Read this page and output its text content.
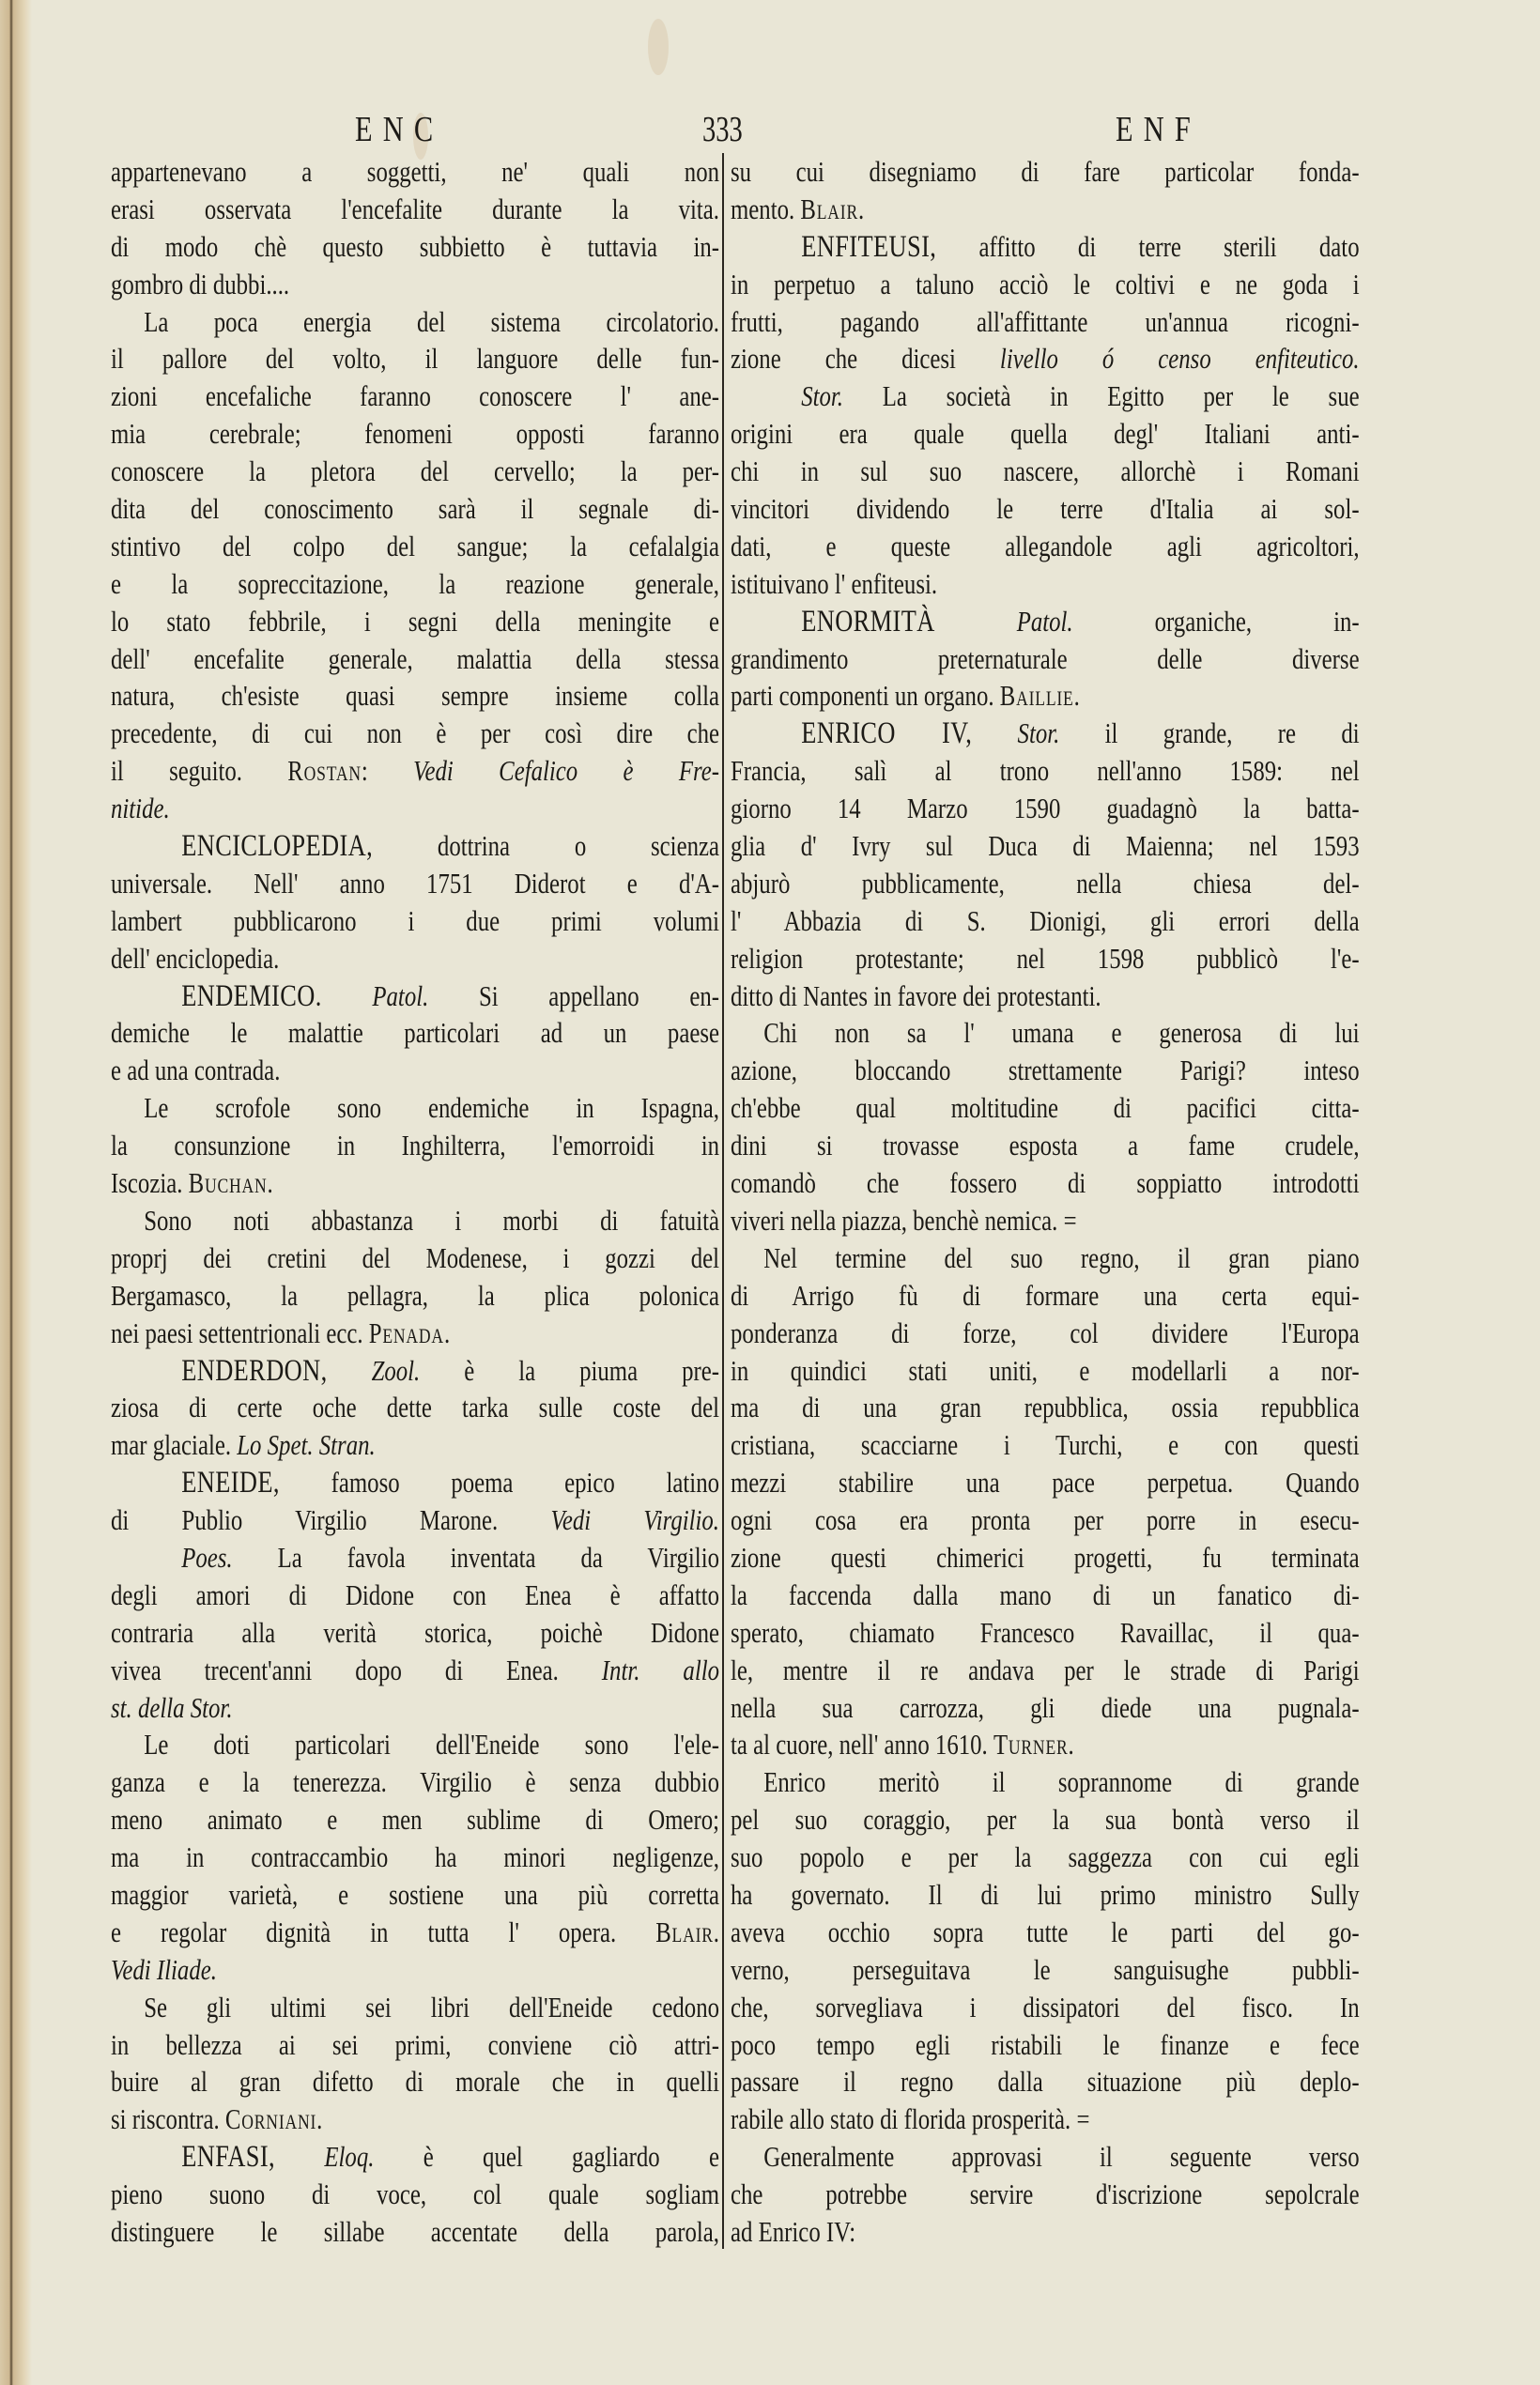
ENC	333	ENF
appartenevano a soggetti, ne' quali non
erasi osservata l'encefalite durante la vita.
di modo chè questo subbietto è tuttavia in-
gombro di dubbi....
La poca energia del sistema circolatorio.
il pallore del volto, il languore delle fun-
zioni encefaliche faranno conoscere l' ane-
mia cerebrale; fenomeni opposti faranno
conoscere la pletora del cervello; la per-
dita del conoscimento sarà il segnale di-
stintivo del colpo del sangue; la cefalalgia
e la sopreccitazione, la reazione generale,
lo stato febbrile, i segni della meningite e
dell' encefalite generale, malattia della stessa
natura, ch'esiste quasi sempre insieme colla
precedente, di cui non è per così dire che
il seguito. Rostan: Vedi Cefalico è Fre-
nitide.
ENCICLOPEDIA, dottrina o scienza
universale. Nell' anno 1751 Diderot e d'A-
lambert pubblicarono i due primi volumi
dell' enciclopedia.
ENDEMICO. Patol. Si appellano en-
demiche le malattie particolari ad un paese
e ad una contrada.
Le scrofole sono endemiche in Ispagna,
la consunzione in Inghilterra, l'emorroidi in
Iscozia. Buchan.
Sono noti abbastanza i morbi di fatuità
proprj dei cretini del Modenese, i gozzi del
Bergamasco, la pellagra, la plica polonica
nei paesi settentrionali ecc. Penada.
ENDERDON, Zool. è la piuma pre-
ziosa di certe oche dette tarka sulle coste del
mar glaciale. Lo Spet. Stran.
ENEIDE, famoso poema epico latino
di Publio Virgilio Marone. Vedi Virgilio.
Poes. La favola inventata da Virgilio
degli amori di Didone con Enea è affatto
contraria alla verità storica, poichè Didone
vivea trecent'anni dopo di Enea. Intr. allo
st. della Stor.
Le doti particolari dell'Eneide sono l'ele-
ganza e la tenerezza. Virgilio è senza dubbio
meno animato e men sublime di Omero;
ma in contraccambio ha minori negligenze,
maggior varietà, e sostiene una più corretta
e regolar dignità in tutta l' opera. Blair.
Vedi Iliade.
Se gli ultimi sei libri dell'Eneide cedono
in bellezza ai sei primi, conviene ciò attri-
buire al gran difetto di morale che in quelli
si riscontra. Corniani.
ENFASI, Eloq. è quel gagliardo e
pieno suono di voce, col quale sogliam
distinguere le sillabe accentate della parola,
su cui disegniamo di fare particolar fonda-
mento. Blair.
ENFITEUSI, affitto di terre sterili dato
in perpetuo a taluno acciò le coltivi e ne goda i
frutti, pagando all'affittante un'annua ricogni-
zione che dicesi livello ó censo enfiteutico.
Stor. La società in Egitto per le sue
origini era quale quella degl' Italiani anti-
chi in sul suo nascere, allorchè i Romani
vincitori dividendo le terre d'Italia ai sol-
dati, e queste allegandole agli agricoltori,
istituivano l' enfiteusi.
ENORMITÀ	Patol.	organiche, in-
grandimento preternaturale delle diverse
parti componenti un organo. Baillie.
ENRICO IV, Stor. il grande, re di
Francia, salì al trono nell'anno 1589: nel
giorno 14 Marzo 1590 guadagnò la batta-
glia d' Ivry sul Duca di Maienna; nel 1593
abjurò pubblicamente, nella chiesa del-
l' Abbazia di S. Dionigi, gli errori della
religion protestante; nel 1598 pubblicò l'e-
ditto di Nantes in favore dei protestanti.
Chi non sa l' umana e generosa di lui
azione, bloccando strettamente Parigi? inteso
ch'ebbe qual moltitudine di pacifici citta-
dini si trovasse esposta a fame crudele,
comandò che fossero di soppiatto introdotti
viveri nella piazza, benchè nemica. =
Nel termine del suo regno, il gran piano
di Arrigo fù di formare una certa equi-
ponderanza di forze, col dividere l'Europa
in quindici stati uniti, e modellarli a nor-
ma di una gran repubblica, ossia repubblica
cristiana, scacciarne i Turchi, e con questi
mezzi stabilire una pace perpetua. Quando
ogni cosa era pronta per porre in esecu-
zione questi chimerici progetti, fu terminata
la faccenda dalla mano di un fanatico di-
sperato, chiamato Francesco Ravaillac, il qua-
le, mentre il re andava per le strade di Parigi
nella sua carrozza, gli diede una pugnala-
ta al cuore, nell' anno 1610. Turner.
Enrico meritò il soprannome di grande
pel suo coraggio, per la sua bontà verso il
suo popolo e per la saggezza con cui egli
ha governato. Il di lui primo ministro Sully
aveva occhio sopra tutte le parti del go-
verno, perseguitava le sanguisughe pubbli-
che, sorvegliava i dissipatori del fisco. In
poco tempo egli ristabili le finanze e fece
passare il regno dalla situazione più deplo-
rabile allo stato di florida prosperità. =
Generalmente approvasi il seguente verso
che potrebbe servire d'iscrizione sepolcrale
ad Enrico IV:
